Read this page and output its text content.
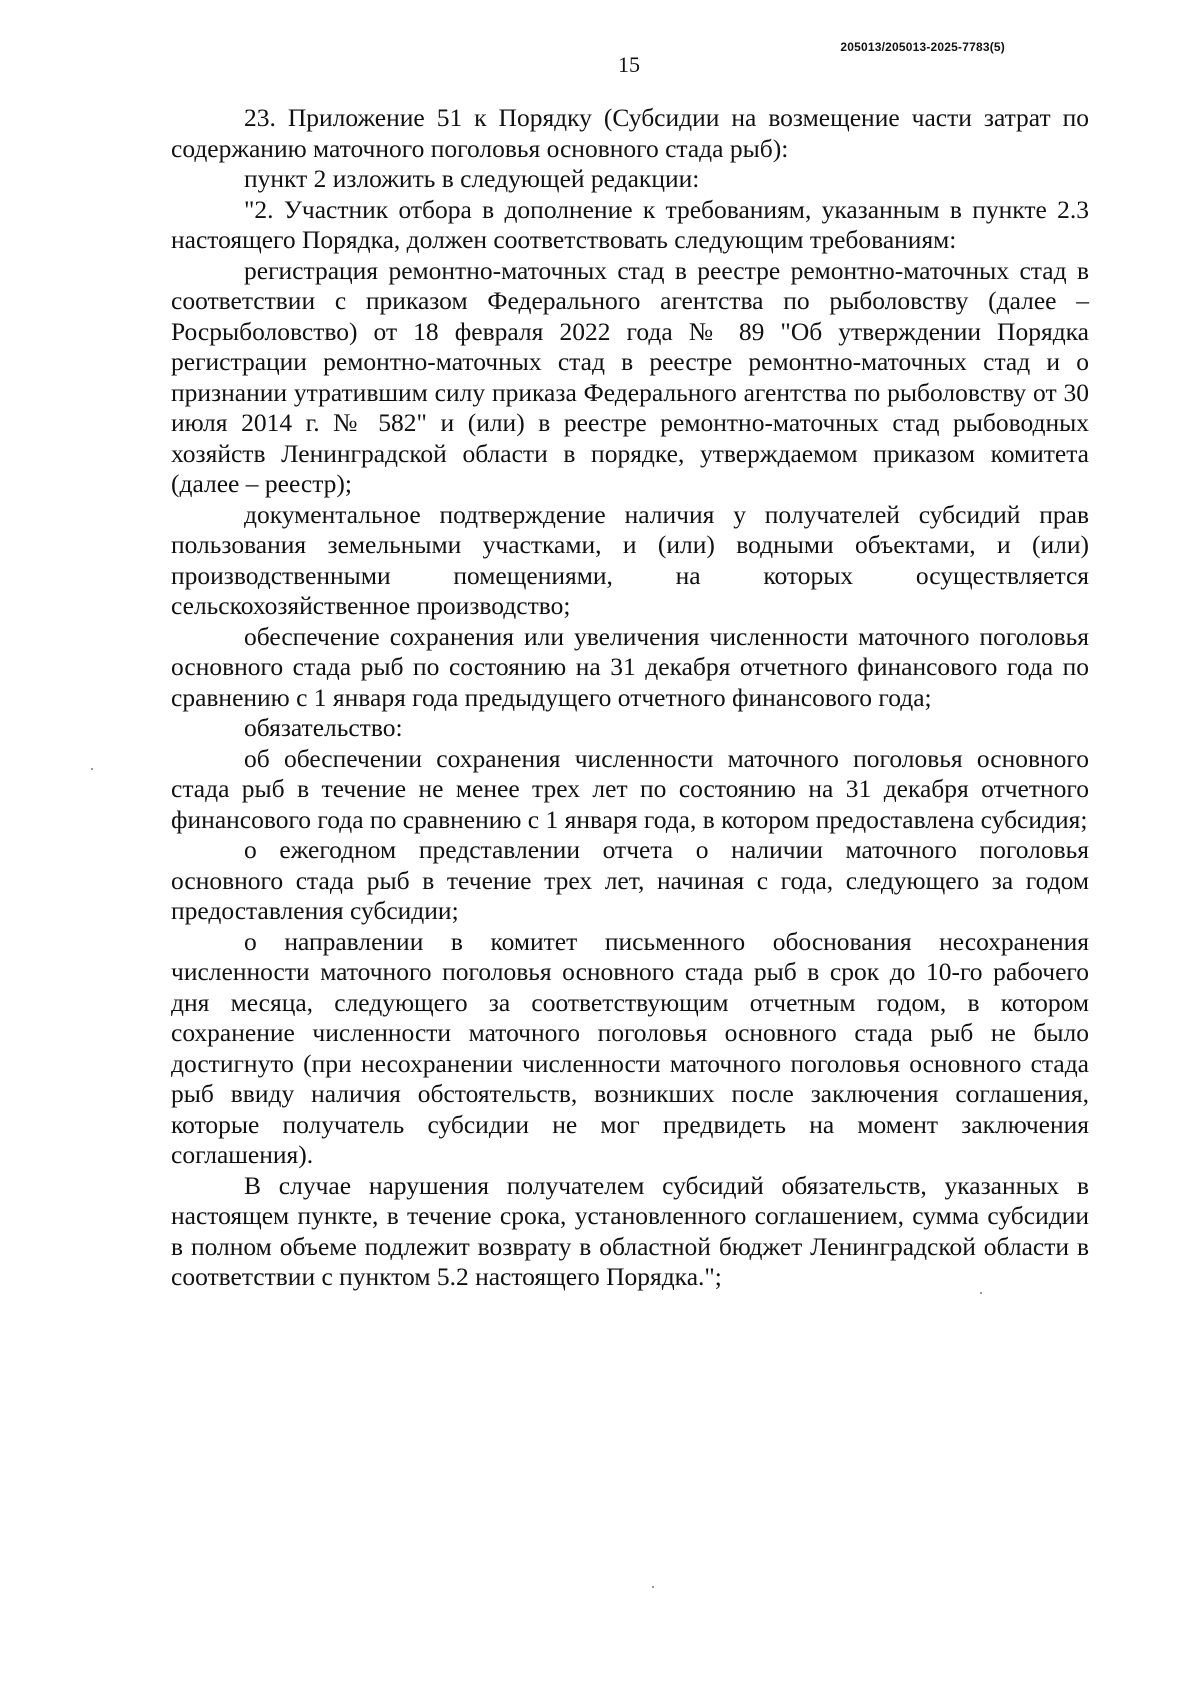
205013/205013-2025-7783(5)
15

23. Приложение 51 к Порядку (Субсидии на возмещение части затрат по содержанию маточного поголовья основного стада рыб):

пункт 2 изложить в следующей редакции:

"2. Участник отбора в дополнение к требованиям, указанным в пункте 2.3 настоящего Порядка, должен соответствовать следующим требованиям:

регистрация ремонтно-маточных стад в реестре ремонтно-маточных стад в соответствии с приказом Федерального агентства по рыболовству (далее – Росрыболовство) от 18 февраля 2022 года № 89 "Об утверждении Порядка регистрации ремонтно-маточных стад в реестре ремонтно-маточных стад и о признании утратившим силу приказа Федерального агентства по рыболовству от 30 июля 2014 г. № 582" и (или) в реестре ремонтно-маточных стад рыбоводных хозяйств Ленинградской области в порядке, утверждаемом приказом комитета (далее – реестр);

документальное подтверждение наличия у получателей субсидий прав пользования земельными участками, и (или) водными объектами, и (или) производственными помещениями, на которых осуществляется сельскохозяйственное производство;

обеспечение сохранения или увеличения численности маточного поголовья основного стада рыб по состоянию на 31 декабря отчетного финансового года по сравнению с 1 января года предыдущего отчетного финансового года;

обязательство:

об обеспечении сохранения численности маточного поголовья основного стада рыб в течение не менее трех лет по состоянию на 31 декабря отчетного финансового года по сравнению с 1 января года, в котором предоставлена субсидия;

о ежегодном представлении отчета о наличии маточного поголовья основного стада рыб в течение трех лет, начиная с года, следующего за годом предоставления субсидии;

о направлении в комитет письменного обоснования несохранения численности маточного поголовья основного стада рыб в срок до 10-го рабочего дня месяца, следующего за соответствующим отчетным годом, в котором сохранение численности маточного поголовья основного стада рыб не было достигнуто (при несохранении численности маточного поголовья основного стада рыб ввиду наличия обстоятельств, возникших после заключения соглашения, которые получатель субсидии не мог предвидеть на момент заключения соглашения).

В случае нарушения получателем субсидий обязательств, указанных в настоящем пункте, в течение срока, установленного соглашением, сумма субсидии в полном объеме подлежит возврату в областной бюджет Ленинградской области в соответствии с пунктом 5.2 настоящего Порядка.";
